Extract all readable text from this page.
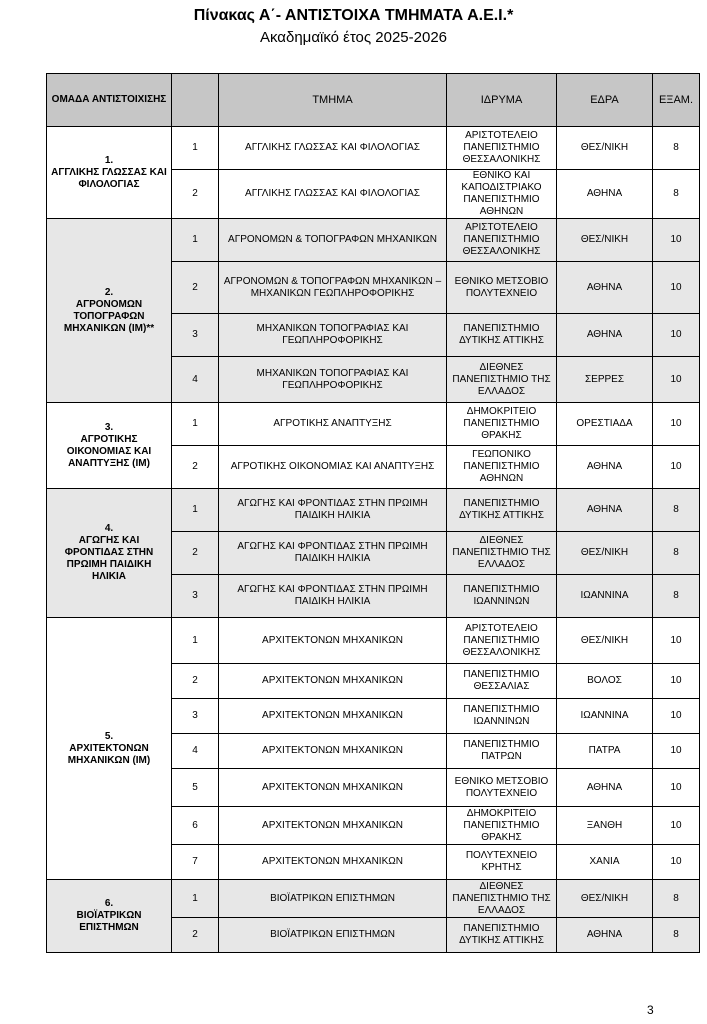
Πίνακας Α΄- ΑΝΤΙΣΤΟΙΧΑ ΤΜΗΜΑΤΑ Α.Ε.Ι.*
Ακαδημαϊκό έτος 2025-2026
ΟΜΑΔΑ ΑΝΤΙΣΤΟΙΧΙΣΗΣ		ΤΜΗΜΑ	ΙΔΡΥΜΑ	ΕΔΡΑ	ΕΞΑΜ.
1.
ΑΓΓΛΙΚΗΣ ΓΛΩΣΣΑΣ ΚΑΙ ΦΙΛΟΛΟΓΙΑΣ	1	ΑΓΓΛΙΚΗΣ ΓΛΩΣΣΑΣ ΚΑΙ ΦΙΛΟΛΟΓΙΑΣ	ΑΡΙΣΤΟΤΕΛΕΙΟ ΠΑΝΕΠΙΣΤΗΜΙΟ ΘΕΣΣΑΛΟΝΙΚΗΣ	ΘΕΣ/ΝΙΚΗ	8
	2	ΑΓΓΛΙΚΗΣ ΓΛΩΣΣΑΣ ΚΑΙ ΦΙΛΟΛΟΓΙΑΣ	ΕΘΝΙΚΟ ΚΑΙ ΚΑΠΟΔΙΣΤΡΙΑΚΟ ΠΑΝΕΠΙΣΤΗΜΙΟ ΑΘΗΝΩΝ	ΑΘΗΝΑ	8
2.
ΑΓΡΟΝΟΜΩΝ ΤΟΠΟΓΡΑΦΩΝ ΜΗΧΑΝΙΚΩΝ (ΙΜ)**	1	ΑΓΡΟΝΟΜΩΝ & ΤΟΠΟΓΡΑΦΩΝ ΜΗΧΑΝΙΚΩΝ	ΑΡΙΣΤΟΤΕΛΕΙΟ ΠΑΝΕΠΙΣΤΗΜΙΟ ΘΕΣΣΑΛΟΝΙΚΗΣ	ΘΕΣ/ΝΙΚΗ	10
	2	ΑΓΡΟΝΟΜΩΝ & ΤΟΠΟΓΡΑΦΩΝ ΜΗΧΑΝΙΚΩΝ – ΜΗΧΑΝΙΚΩΝ ΓΕΩΠΛΗΡΟΦΟΡΙΚΗΣ	ΕΘΝΙΚΟ ΜΕΤΣΟΒΙΟ ΠΟΛΥΤΕΧΝΕΙΟ	ΑΘΗΝΑ	10
	3	ΜΗΧΑΝΙΚΩΝ ΤΟΠΟΓΡΑΦΙΑΣ ΚΑΙ ΓΕΩΠΛΗΡΟΦΟΡΙΚΗΣ	ΠΑΝΕΠΙΣΤΗΜΙΟ ΔΥΤΙΚΗΣ ΑΤΤΙΚΗΣ	ΑΘΗΝΑ	10
	4	ΜΗΧΑΝΙΚΩΝ ΤΟΠΟΓΡΑΦΙΑΣ ΚΑΙ ΓΕΩΠΛΗΡΟΦΟΡΙΚΗΣ	ΔΙΕΘΝΕΣ ΠΑΝΕΠΙΣΤΗΜΙΟ ΤΗΣ ΕΛΛΑΔΟΣ	ΣΕΡΡΕΣ	10
3.
ΑΓΡΟΤΙΚΗΣ ΟΙΚΟΝΟΜΙΑΣ ΚΑΙ ΑΝΑΠΤΥΞΗΣ (ΙΜ)	1	ΑΓΡΟΤΙΚΗΣ ΑΝΑΠΤΥΞΗΣ	ΔΗΜΟΚΡΙΤΕΙΟ ΠΑΝΕΠΙΣΤΗΜΙΟ ΘΡΑΚΗΣ	ΟΡΕΣΤΙΑΔΑ	10
	2	ΑΓΡΟΤΙΚΗΣ ΟΙΚΟΝΟΜΙΑΣ ΚΑΙ ΑΝΑΠΤΥΞΗΣ	ΓΕΩΠΟΝΙΚΟ ΠΑΝΕΠΙΣΤΗΜΙΟ ΑΘΗΝΩΝ	ΑΘΗΝΑ	10
4.
ΑΓΩΓΗΣ ΚΑΙ ΦΡΟΝΤΙΔΑΣ ΣΤΗΝ ΠΡΩΙΜΗ ΠΑΙΔΙΚΗ ΗΛΙΚΙΑ	1	ΑΓΩΓΗΣ ΚΑΙ ΦΡΟΝΤΙΔΑΣ ΣΤΗΝ ΠΡΩΙΜΗ ΠΑΙΔΙΚΗ ΗΛΙΚΙΑ	ΠΑΝΕΠΙΣΤΗΜΙΟ ΔΥΤΙΚΗΣ ΑΤΤΙΚΗΣ	ΑΘΗΝΑ	8
	2	ΑΓΩΓΗΣ ΚΑΙ ΦΡΟΝΤΙΔΑΣ ΣΤΗΝ ΠΡΩΙΜΗ ΠΑΙΔΙΚΗ ΗΛΙΚΙΑ	ΔΙΕΘΝΕΣ ΠΑΝΕΠΙΣΤΗΜΙΟ ΤΗΣ ΕΛΛΑΔΟΣ	ΘΕΣ/ΝΙΚΗ	8
	3	ΑΓΩΓΗΣ ΚΑΙ ΦΡΟΝΤΙΔΑΣ ΣΤΗΝ ΠΡΩΙΜΗ ΠΑΙΔΙΚΗ ΗΛΙΚΙΑ	ΠΑΝΕΠΙΣΤΗΜΙΟ ΙΩΑΝΝΙΝΩΝ	ΙΩΑΝΝΙΝΑ	8
5.
ΑΡΧΙΤΕΚΤΟΝΩΝ ΜΗΧΑΝΙΚΩΝ (ΙΜ)	1	ΑΡΧΙΤΕΚΤΟΝΩΝ ΜΗΧΑΝΙΚΩΝ	ΑΡΙΣΤΟΤΕΛΕΙΟ ΠΑΝΕΠΙΣΤΗΜΙΟ ΘΕΣΣΑΛΟΝΙΚΗΣ	ΘΕΣ/ΝΙΚΗ	10
	2	ΑΡΧΙΤΕΚΤΟΝΩΝ ΜΗΧΑΝΙΚΩΝ	ΠΑΝΕΠΙΣΤΗΜΙΟ ΘΕΣΣΑΛΙΑΣ	ΒΟΛΟΣ	10
	3	ΑΡΧΙΤΕΚΤΟΝΩΝ ΜΗΧΑΝΙΚΩΝ	ΠΑΝΕΠΙΣΤΗΜΙΟ ΙΩΑΝΝΙΝΩΝ	ΙΩΑΝΝΙΝΑ	10
	4	ΑΡΧΙΤΕΚΤΟΝΩΝ ΜΗΧΑΝΙΚΩΝ	ΠΑΝΕΠΙΣΤΗΜΙΟ ΠΑΤΡΩΝ	ΠΑΤΡΑ	10
	5	ΑΡΧΙΤΕΚΤΟΝΩΝ ΜΗΧΑΝΙΚΩΝ	ΕΘΝΙΚΟ ΜΕΤΣΟΒΙΟ ΠΟΛΥΤΕΧΝΕΙΟ	ΑΘΗΝΑ	10
	6	ΑΡΧΙΤΕΚΤΟΝΩΝ ΜΗΧΑΝΙΚΩΝ	ΔΗΜΟΚΡΙΤΕΙΟ ΠΑΝΕΠΙΣΤΗΜΙΟ ΘΡΑΚΗΣ	ΞΑΝΘΗ	10
	7	ΑΡΧΙΤΕΚΤΟΝΩΝ ΜΗΧΑΝΙΚΩΝ	ΠΟΛΥΤΕΧΝΕΙΟ ΚΡΗΤΗΣ	ΧΑΝΙΑ	10
6.
ΒΙΟΪΑΤΡΙΚΩΝ ΕΠΙΣΤΗΜΩΝ	1	ΒΙΟΪΑΤΡΙΚΩΝ ΕΠΙΣΤΗΜΩΝ	ΔΙΕΘΝΕΣ ΠΑΝΕΠΙΣΤΗΜΙΟ ΤΗΣ ΕΛΛΑΔΟΣ	ΘΕΣ/ΝΙΚΗ	8
	2	ΒΙΟΪΑΤΡΙΚΩΝ ΕΠΙΣΤΗΜΩΝ	ΠΑΝΕΠΙΣΤΗΜΙΟ ΔΥΤΙΚΗΣ ΑΤΤΙΚΗΣ	ΑΘΗΝΑ	8
3
